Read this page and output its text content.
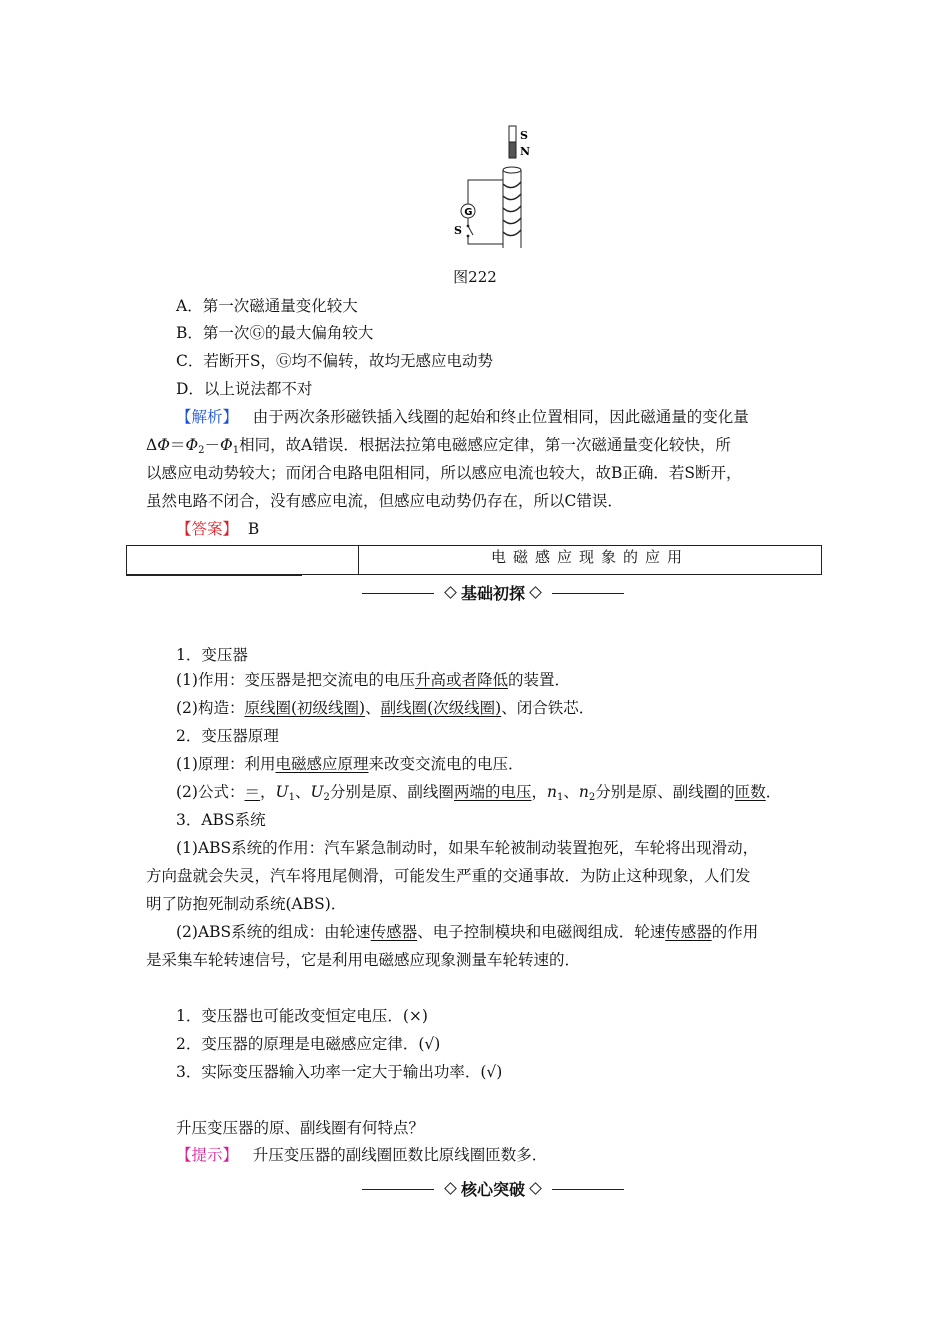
S
N
G
S
图222
A．第一次磁通量变化较大
B．第一次Ⓖ的最大偏角较大
C．若断开S，Ⓖ均不偏转，故均无感应电动势
D．以上说法都不对
【解析】 由于两次条形磁铁插入线圈的起始和终止位置相同，因此磁通量的变化量
$\Delta\Phi=\Phi_2-\Phi_1$相同，故A错误．根据法拉第电磁感应定律，第一次磁通量变化较快，所
以感应电动势较大；而闭合电路电阻相同，所以感应电流也较大，故B正确．若S断开，
虽然电路不闭合，没有感应电流，但感应电动势仍存在，所以C错误．
【答案】 B
电磁感应现象的应用
基础初探
1．变压器
(1)作用：变压器是把交流电的电压升高或者降低的装置．
(2)构造：原线圈(初级线圈)、副线圈(次级线圈)、闭合铁芯．
2．变压器原理
(1)原理：利用电磁感应原理来改变交流电的电压．
(2)公式：＝，$U_1$、$U_2$分别是原、副线圈两端的电压，$n_1$、$n_2$分别是原、副线圈的匝数．
3．ABS系统
(1)ABS系统的作用：汽车紧急制动时，如果车轮被制动装置抱死，车轮将出现滑动，
方向盘就会失灵，汽车将甩尾侧滑，可能发生严重的交通事故．为防止这种现象，人们发
明了防抱死制动系统(ABS)．
(2)ABS系统的组成：由轮速传感器、电子控制模块和电磁阀组成．轮速传感器的作用
是采集车轮转速信号，它是利用电磁感应现象测量车轮转速的．
1．变压器也可能改变恒定电压．(×)
2．变压器的原理是电磁感应定律．(√)
3．实际变压器输入功率一定大于输出功率．(√)
升压变压器的原、副线圈有何特点？
【提示】 升压变压器的副线圈匝数比原线圈匝数多．
核心突破
